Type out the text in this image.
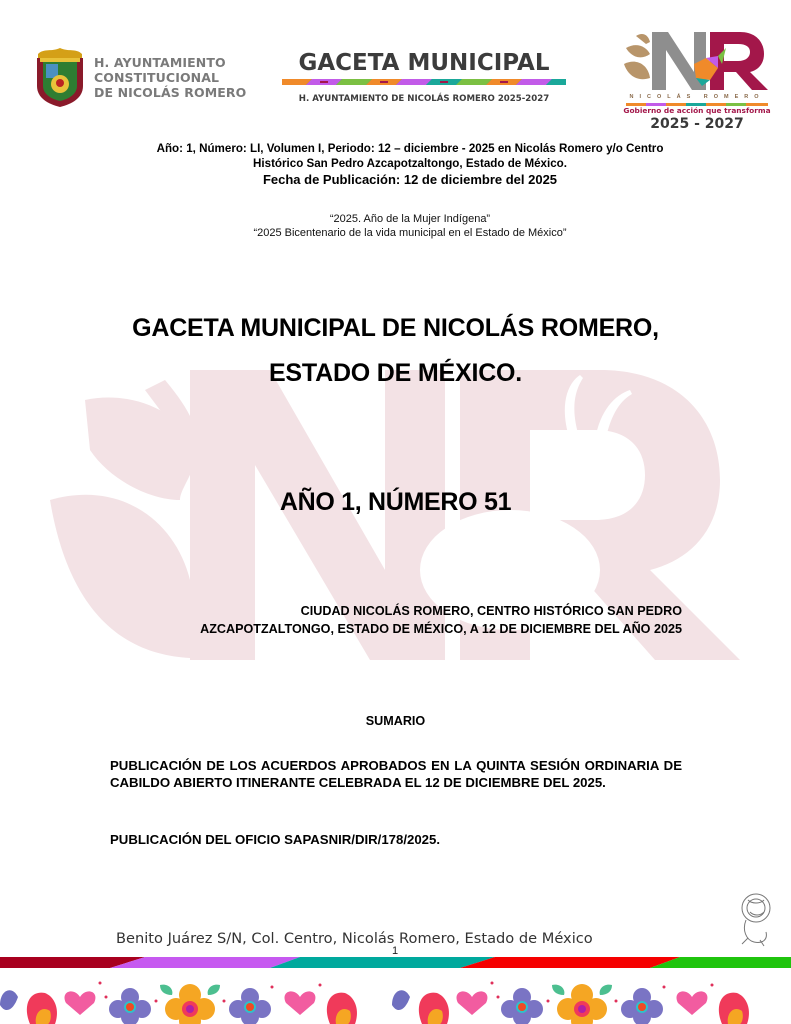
H. AYUNTAMIENTO
CONSTITUCIONAL
DE NICOLÁS ROMERO
GACETA MUNICIPAL
H. AYUNTAMIENTO DE NICOLÁS ROMERO 2025-2027	NICOLÁS ROMERO
Gobierno de acción que transforma
2025 - 2027
Año: 1, Número: LI, Volumen I, Periodo: 12 – diciembre - 2025 en Nicolás Romero y/o Centro
Histórico San Pedro Azcapotzaltongo, Estado de México.
Fecha de Publicación: 12 de diciembre del 2025
“2025. Año de la Mujer Indígena”
“2025 Bicentenario de la vida municipal en el Estado de México”
GACETA MUNICIPAL DE NICOLÁS ROMERO,
ESTADO DE MÉXICO.
AÑO 1, NÚMERO 51
CIUDAD NICOLÁS ROMERO, CENTRO HISTÓRICO SAN PEDRO
AZCAPOTZALTONGO, ESTADO DE MÉXICO, A 12 DE DICIEMBRE DEL AÑO 2025
SUMARIO
PUBLICACIÓN DE LOS ACUERDOS APROBADOS EN LA QUINTA SESIÓN ORDINARIA DE CABILDO ABIERTO ITINERANTE CELEBRADA EL 12 DE DICIEMBRE DEL 2025.
PUBLICACIÓN DEL OFICIO SAPASNIR/DIR/178/2025.
Benito Juárez S/N, Col. Centro, Nicolás Romero, Estado de México
1
